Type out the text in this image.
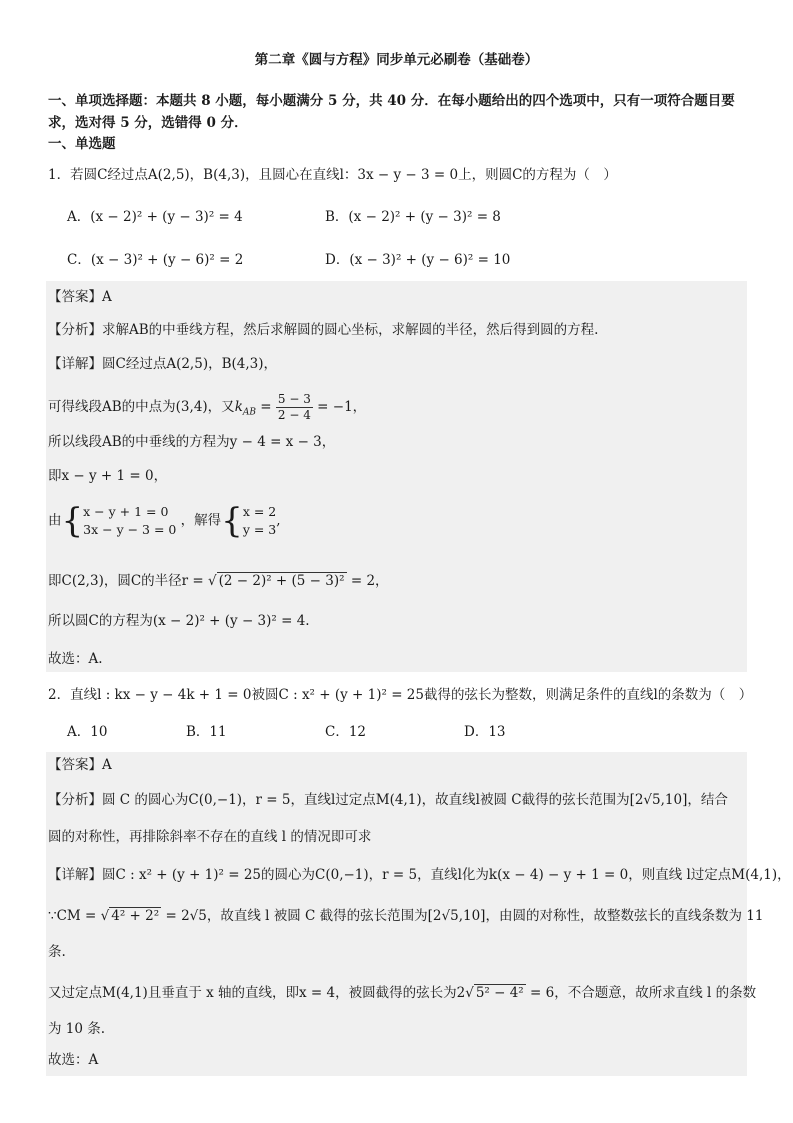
第二章《圆与方程》同步单元必刷卷（基础卷）
一、单项选择题：本题共 8 小题，每小题满分 5 分，共 40 分．在每小题给出的四个选项中，只有一项符合题目要
求，选对得 5 分，选错得 0 分．
一、单选题
1．若圆C经过点A(2,5)，B(4,3)，且圆心在直线l：3x − y − 3 = 0上，则圆C的方程为（　）
A．(x − 2)² + (y − 3)² = 4	B．(x − 2)² + (y − 3)² = 8
C．(x − 3)² + (y − 6)² = 2	D．(x − 3)² + (y − 6)² = 10
【答案】A
【分析】求解AB的中垂线方程，然后求解圆的圆心坐标，求解圆的半径，然后得到圆的方程.
【详解】圆C经过点A(2,5)，B(4,3)，
可得线段AB的中点为(3,4)，又$k_{AB} = \frac{5 - 3}{2 - 4} = -1$，
所以线段AB的中垂线的方程为y − 4 = x − 3，
即x − y + 1 = 0，
由{ x − y + 1 = 0
3x − y − 3 = 0
，解得{ x = 2
y = 3
,
即C(2,3)，圆C的半径r = √ (2 − 2)² + (5 − 3)² = 2，
所以圆C的方程为(x − 2)² + (y − 3)² = 4.
故选：A.
2．直线l : kx − y − 4k + 1 = 0被圆C : x² + (y + 1)² = 25截得的弦长为整数，则满足条件的直线l的条数为（　）
A．10	B．11	C．12	D．13
【答案】A
【分析】圆 C 的圆心为C(0,−1)，r = 5，直线l过定点M(4,1)，故直线l被圆 C截得的弦长范围为[2√5,10]，结合
圆的对称性，再排除斜率不存在的直线 l 的情况即可求
【详解】圆C : x² + (y + 1)² = 25的圆心为C(0,−1)，r = 5，直线l化为k(x − 4) − y + 1 = 0，则直线 l过定点M(4,1)，
∵CM = √ 4² + 2² = 2√5，故直线 l 被圆 C 截得的弦长范围为[2√5,10]，由圆的对称性，故整数弦长的直线条数为 11
条.
又过定点M(4,1)且垂直于 x 轴的直线，即x = 4，被圆截得的弦长为2√ 5² − 4² = 6，不合题意，故所求直线 l 的条数
为 10 条.
故选：A
